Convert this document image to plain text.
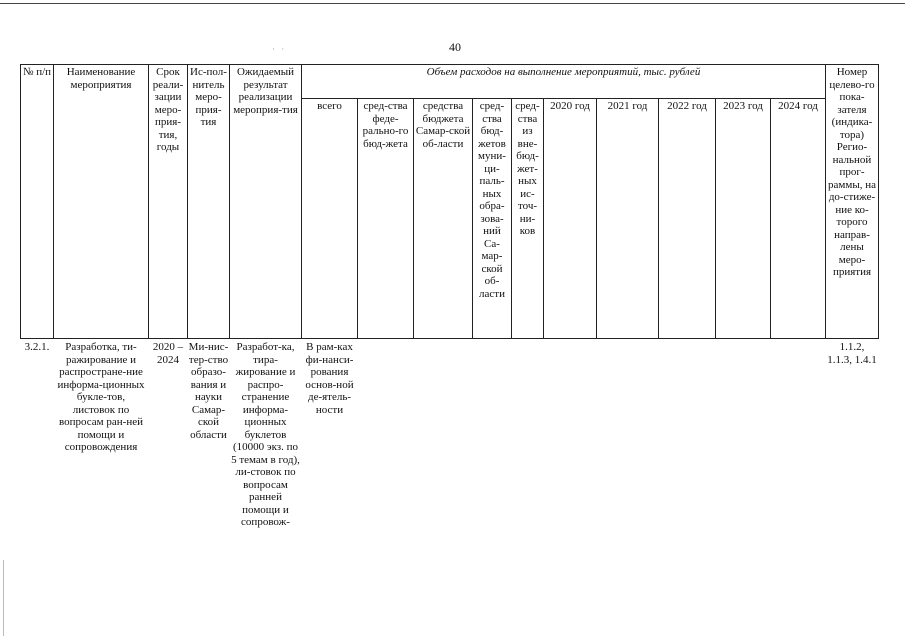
· ·	40
№ п/п	Наименование мероприятия	Срок реали-зации меро-прия-тия, годы	Ис-пол-нитель меро-прия-тия	Ожидаемый результат реализации мероприя-тия	Объем расходов на выполнение мероприятий, тыс. рублей										Номер целево-го пока-зателя (индика-тора) Регио-нальной прог-раммы, на до-стиже-ние ко-торого направ-лены меро-приятия
					всего	сред-ства феде-рально-го бюд-жета	средства бюджета Самар-ской об-ласти	сред-ства бюд-жетов муни-ци-паль-ных обра-зова-ний Са-мар-ской об-ласти	сред-ства из вне-бюд-жет-ных ис-точ-ни-ков	2020 год	2021 год	2022 год	2023 год	2024 год	
3.2.1.	Разработка, ти-ражирование и распростране-ние информа-ционных букле-тов, листовок по вопросам ран-ней помощи и сопровождения	2020 – 2024	Ми-нис-тер-ство образо-вания и науки Самар-ской области	Разработ-ка, тира-жирование и распро-странение информа-ционных буклетов (10000 экз. по 5 темам в год), ли-стовок по вопросам ранней помощи и сопровож-	В рам-ках фи-нанси-рования основ-ной де-ятель-ности										1.1.2, 1.1.3, 1.4.1
